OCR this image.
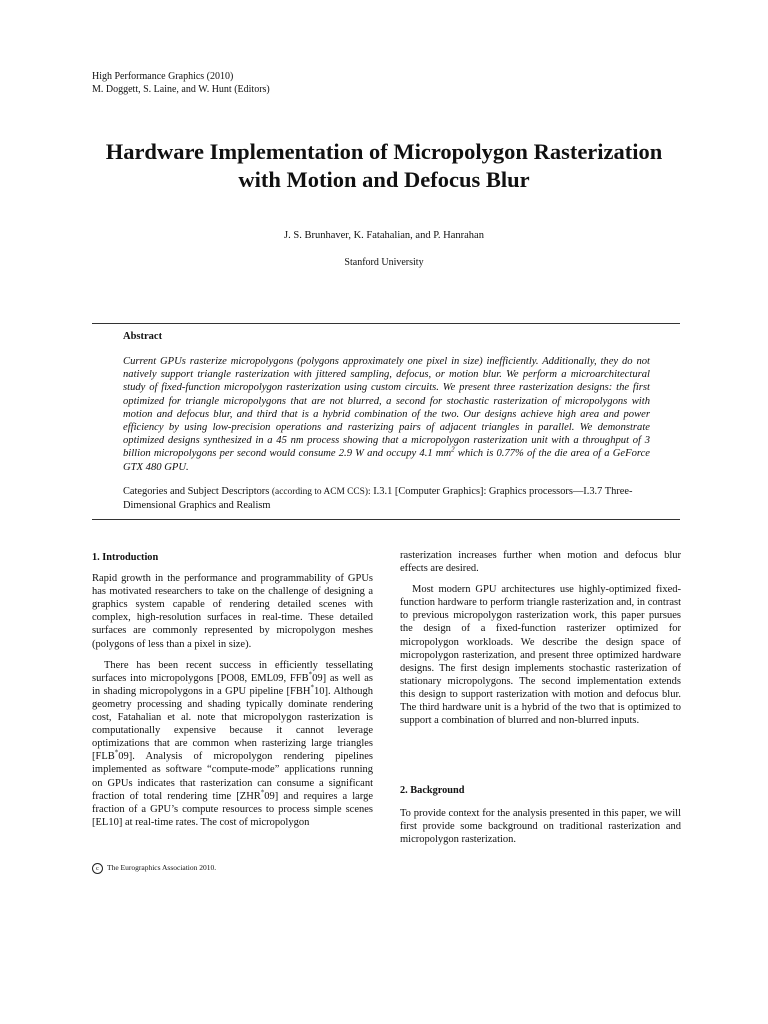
High Performance Graphics (2010)
M. Doggett, S. Laine, and W. Hunt (Editors)
Hardware Implementation of Micropolygon Rasterization
with Motion and Defocus Blur
J. S. Brunhaver, K. Fatahalian, and P. Hanrahan
Stanford University
Abstract
Current GPUs rasterize micropolygons (polygons approximately one pixel in size) inefficiently. Additionally, they do not natively support triangle rasterization with jittered sampling, defocus, or motion blur. We perform a microarchitectural study of fixed-function micropolygon rasterization using custom circuits. We present three rasterization designs: the first optimized for triangle micropolygons that are not blurred, a second for stochastic rasterization of micropolygons with motion and defocus blur, and third that is a hybrid combination of the two. Our designs achieve high area and power efficiency by using low-precision operations and rasterizing pairs of adjacent triangles in parallel. We demonstrate optimized designs synthesized in a 45 nm process showing that a micropolygon rasterization unit with a throughput of 3 billion micropolygons per second would consume 2.9 W and occupy 4.1 $mm^2$ which is 0.77% of the die area of a GeForce GTX 480 GPU.
Categories and Subject Descriptors (according to ACM CCS): I.3.1 [Computer Graphics]: Graphics processors—I.3.7 Three-Dimensional Graphics and Realism

1. Introduction

Rapid growth in the performance and programmability of GPUs has motivated researchers to take on the challenge of designing a graphics system capable of rendering detailed scenes with complex, high-resolution surfaces in real-time. These detailed surfaces are commonly represented by micropolygon meshes (polygons of less than a pixel in size).

There has been recent success in efficiently tessellating surfaces into micropolygons [PO08, EML09, FFB*09] as well as in shading micropolygons in a GPU pipeline [FBH*10]. Although geometry processing and shading typically dominate rendering cost, Fatahalian et al. note that micropolygon rasterization is computationally expensive because it cannot leverage optimizations that are common when rasterizing large triangles [FLB*09]. Analysis of micropolygon rendering pipelines implemented as software “compute-mode” applications running on GPUs indicates that rasterization can consume a significant fraction of total rendering time [ZHR*09] and requires a large fraction of a GPU’s compute resources to process simple scenes [EL10] at real-time rates. The cost of micropolygon

rasterization increases further when motion and defocus blur effects are desired.

Most modern GPU architectures use highly-optimized fixed-function hardware to perform triangle rasterization and, in contrast to previous micropolygon rasterization work, this paper pursues the design of a fixed-function rasterizer optimized for micropolygon workloads. We describe the design space of micropolygon rasterization, and present three optimized hardware designs. The first design implements stochastic rasterization of stationary micropolygons. The second implementation extends this design to support rasterization with motion and defocus blur. The third hardware unit is a hybrid of the two that is optimized to support a combination of blurred and non-blurred inputs.

2. Background

To provide context for the analysis presented in this paper, we will first provide some background on traditional rasterization and micropolygon rasterization.

c The Eurographics Association 2010.
